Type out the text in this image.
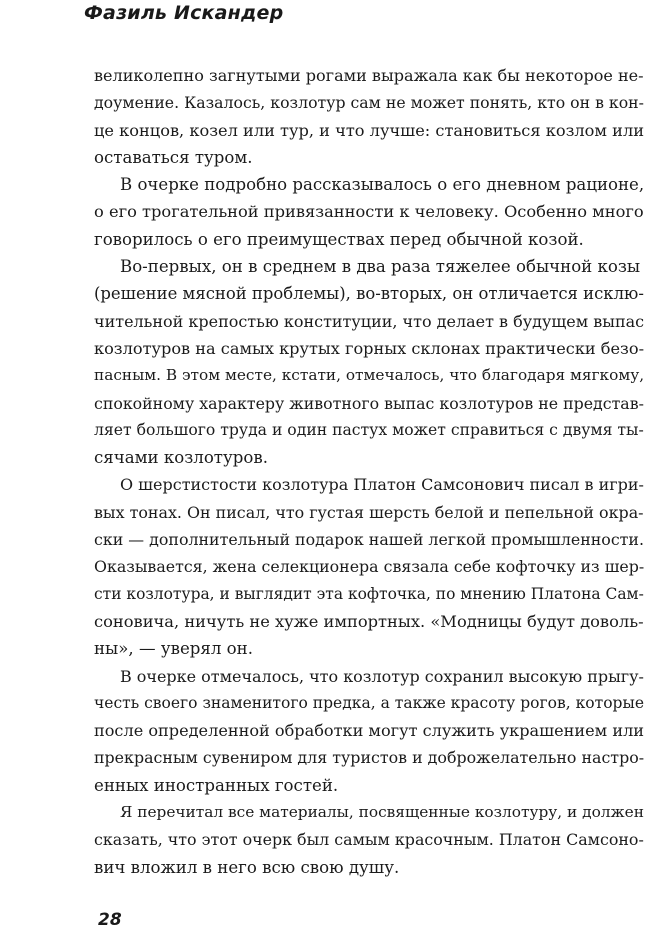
Фазиль Искандер
великолепно загнутыми рогами выражала как бы некоторое не-
доумение. Казалось, козлотур сам не может понять, кто он в кон-
це концов, козел или тур, и что лучше: становиться козлом или
оставаться туром.
В очерке подробно рассказывалось о его дневном рационе,
о его трогательной привязанности к человеку. Особенно много
говорилось о его преимуществах перед обычной козой.
Во-первых, он в среднем в два раза тяжелее обычной козы
(решение мясной проблемы), во-вторых, он отличается исклю-
чительной крепостью конституции, что делает в будущем выпас
козлотуров на самых крутых горных склонах практически безо-
пасным. В этом месте, кстати, отмечалось, что благодаря мягкому,
спокойному характеру животного выпас козлотуров не представ-
ляет большого труда и один пастух может справиться с двумя ты-
сячами козлотуров.
О шерстистости козлотура Платон Самсонович писал в игри-
вых тонах. Он писал, что густая шерсть белой и пепельной окра-
ски — дополнительный подарок нашей легкой промышленности.
Оказывается, жена селекционера связала себе кофточку из шер-
сти козлотура, и выглядит эта кофточка, по мнению Платона Сам-
соновича, ничуть не хуже импортных. «Модницы будут доволь-
ны», — уверял он.
В очерке отмечалось, что козлотур сохранил высокую прыгу-
честь своего знаменитого предка, а также красоту рогов, которые
после определенной обработки могут служить украшением или
прекрасным сувениром для туристов и доброжелательно настро-
енных иностранных гостей.
Я перечитал все материалы, посвященные козлотуру, и должен
сказать, что этот очерк был самым красочным. Платон Самсоно-
вич вложил в него всю свою душу.
28
